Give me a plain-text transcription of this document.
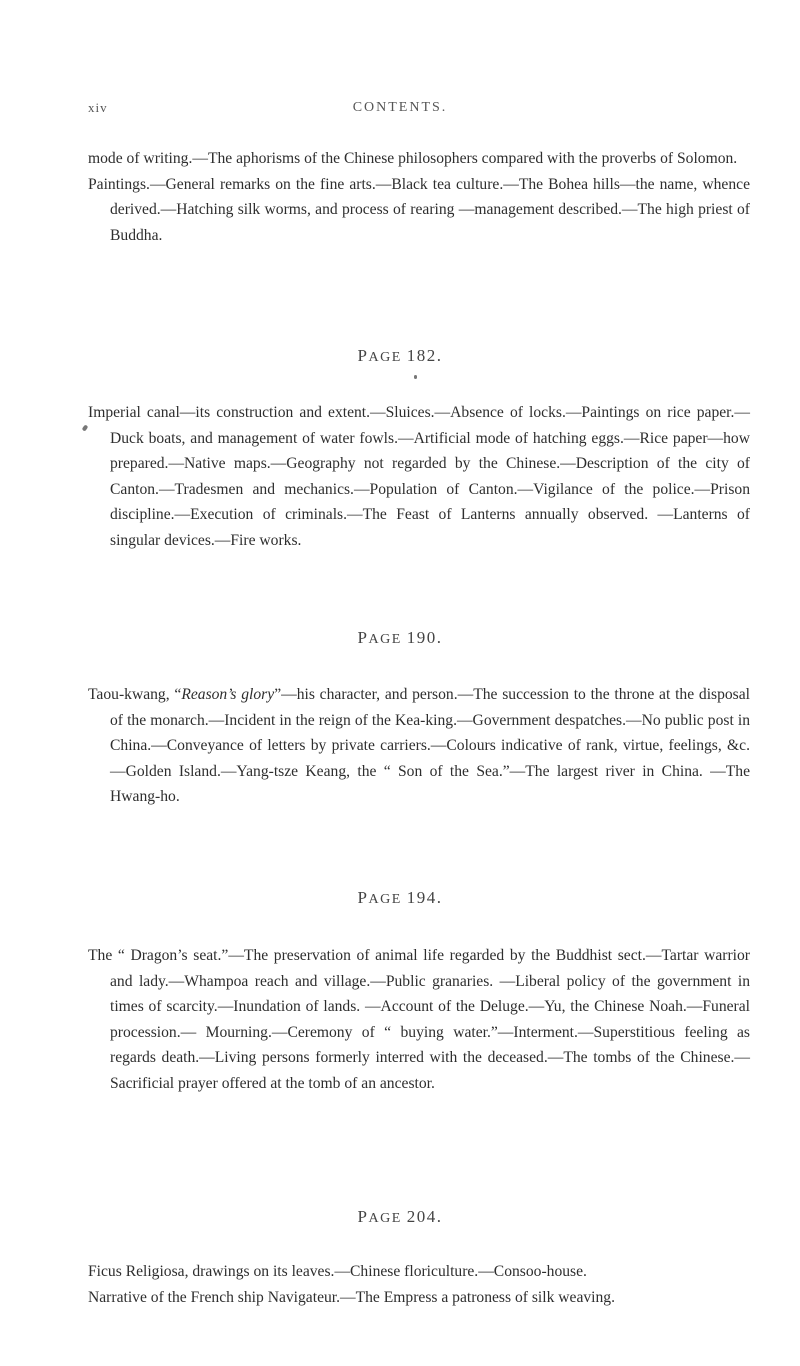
xiv	CONTENTS.

mode of writing.—The aphorisms of the Chinese philosophers compared with the proverbs of Solomon.

Paintings.—General remarks on the fine arts.—Black tea culture.—The Bohea hills—the name, whence derived.—Hatching silk worms, and process of rearing —management described.—The high priest of Buddha.

PAGE 182.

Imperial canal—its construction and extent.—Sluices.—Absence of locks.—Paintings on rice paper.—Duck boats, and management of water fowls.—Artificial mode of hatching eggs.—Rice paper—how prepared.—Native maps.—Geography not regarded by the Chinese.—Description of the city of Canton.—Tradesmen and mechanics.—Population of Canton.—Vigilance of the police.—Prison discipline.—Execution of criminals.—The Feast of Lanterns annually observed. —Lanterns of singular devices.—Fire works.

PAGE 190.

Taou-kwang, “Reason’s glory”—his character, and person.—The succession to the throne at the disposal of the monarch.—Incident in the reign of the Kea-king.—Government despatches.—No public post in China.—Conveyance of letters by private carriers.—Colours indicative of rank, virtue, feelings, &c.—Golden Island.—Yang-tsze Keang, the “ Son of the Sea.”—The largest river in China. —The Hwang-ho.

PAGE 194.

The “ Dragon’s seat.”—The preservation of animal life regarded by the Buddhist sect.—Tartar warrior and lady.—Whampoa reach and village.—Public granaries. —Liberal policy of the government in times of scarcity.—Inundation of lands. —Account of the Deluge.—Yu, the Chinese Noah.—Funeral procession.— Mourning.—Ceremony of “ buying water.”—Interment.—Superstitious feeling as regards death.—Living persons formerly interred with the deceased.—The tombs of the Chinese.—Sacrificial prayer offered at the tomb of an ancestor.

PAGE 204.

Ficus Religiosa, drawings on its leaves.—Chinese floriculture.—Consoo-house.

Narrative of the French ship Navigateur.—The Empress a patroness of silk weaving.
